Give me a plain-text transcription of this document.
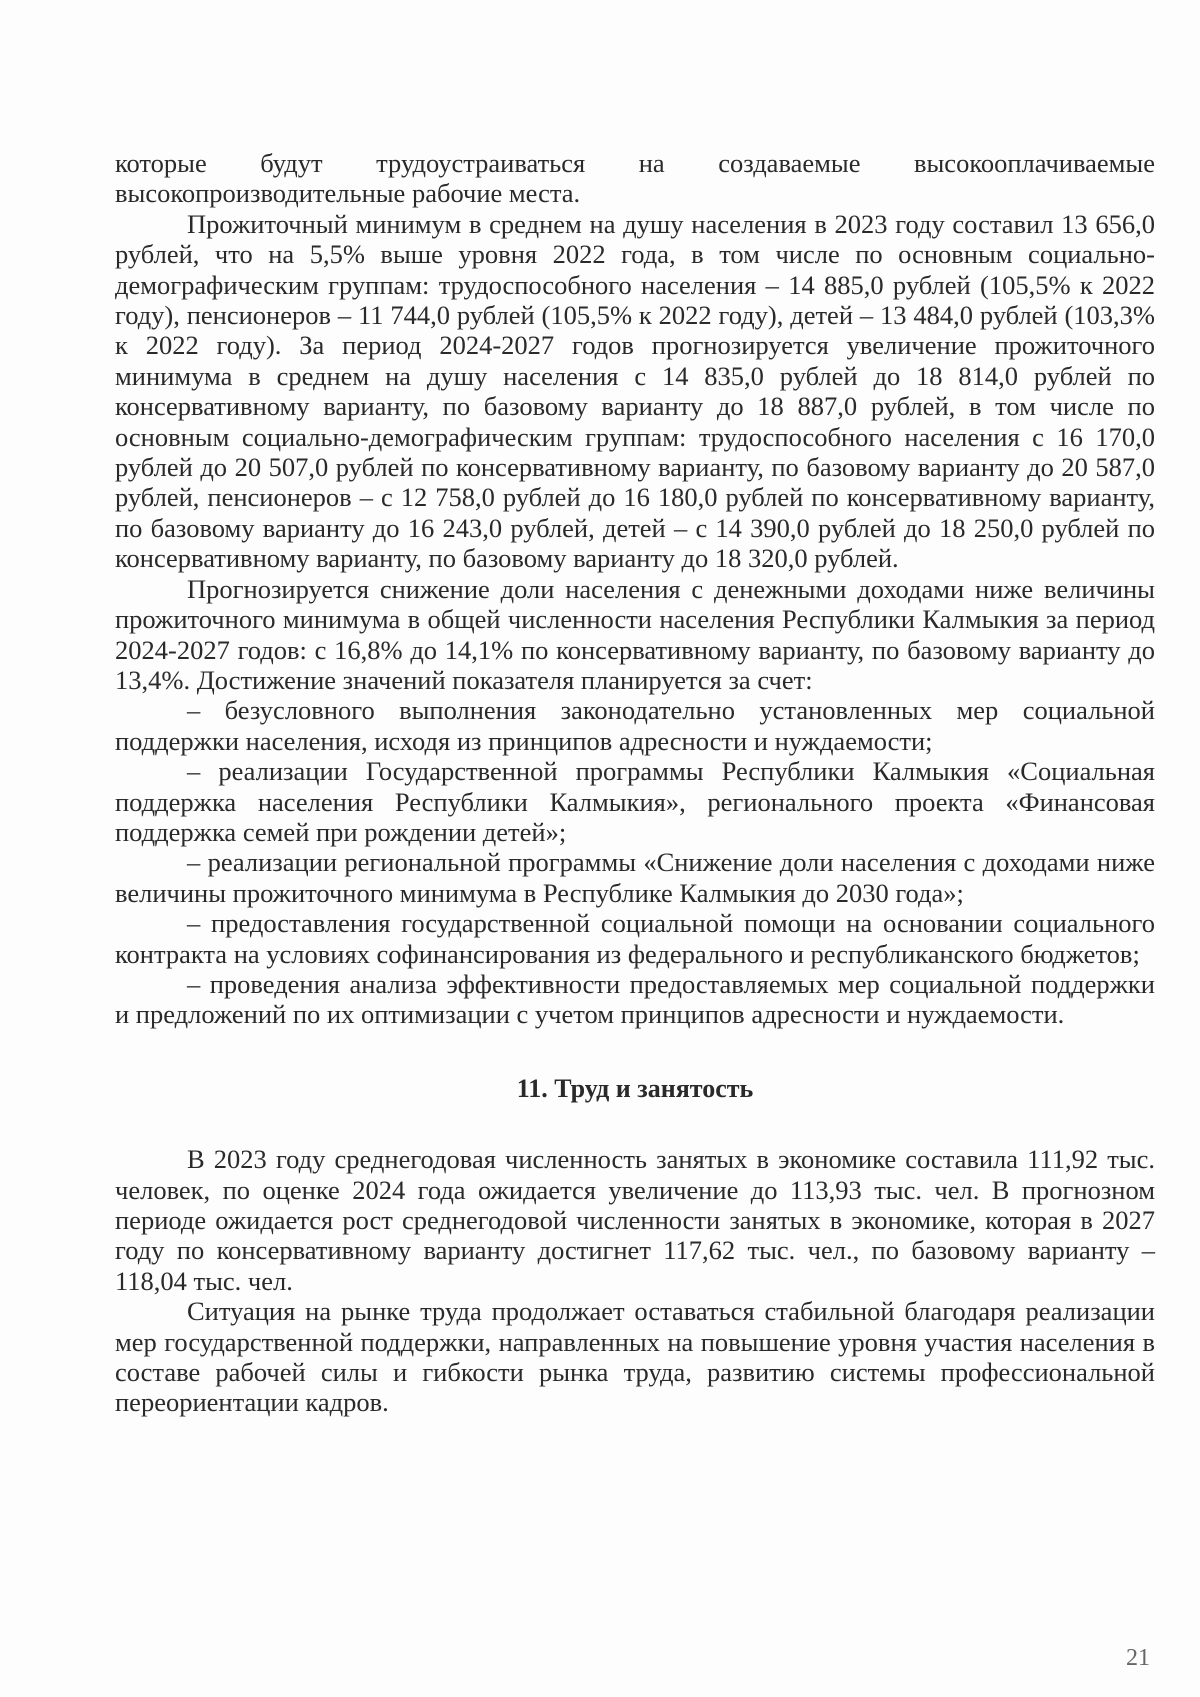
которые будут трудоустраиваться на создаваемые высокооплачиваемые высокопроизводительные рабочие места.

Прожиточный минимум в среднем на душу населения в 2023 году составил 13 656,0 рублей, что на 5,5% выше уровня 2022 года, в том числе по основным социально-демографическим группам: трудоспособного населения – 14 885,0 рублей (105,5% к 2022 году), пенсионеров – 11 744,0 рублей (105,5% к 2022 году), детей – 13 484,0 рублей (103,3% к 2022 году). За период 2024-2027 годов прогнозируется увеличение прожиточного минимума в среднем на душу населения с 14 835,0 рублей до 18 814,0 рублей по консервативному варианту, по базовому варианту до 18 887,0 рублей, в том числе по основным социально-демографическим группам: трудоспособного населения с 16 170,0 рублей до 20 507,0 рублей по консервативному варианту, по базовому варианту до 20 587,0 рублей, пенсионеров – с 12 758,0 рублей до 16 180,0 рублей по консервативному варианту, по базовому варианту до 16 243,0 рублей, детей – с 14 390,0 рублей до 18 250,0 рублей по консервативному варианту, по базовому варианту до 18 320,0 рублей.

Прогнозируется снижение доли населения с денежными доходами ниже величины прожиточного минимума в общей численности населения Республики Калмыкия за период 2024-2027 годов: с 16,8% до 14,1% по консервативному варианту, по базовому варианту до 13,4%. Достижение значений показателя планируется за счет:

– безусловного выполнения законодательно установленных мер социальной поддержки населения, исходя из принципов адресности и нуждаемости;

– реализации Государственной программы Республики Калмыкия «Социальная поддержка населения Республики Калмыкия», регионального проекта «Финансовая поддержка семей при рождении детей»;

– реализации региональной программы «Снижение доли населения с доходами ниже величины прожиточного минимума в Республике Калмыкия до 2030 года»;

– предоставления государственной социальной помощи на основании социального контракта на условиях софинансирования из федерального и республиканского бюджетов;

– проведения анализа эффективности предоставляемых мер социальной поддержки и предложений по их оптимизации с учетом принципов адресности и нуждаемости.

11. Труд и занятость

В 2023 году среднегодовая численность занятых в экономике составила 111,92 тыс. человек, по оценке 2024 года ожидается увеличение до 113,93 тыс. чел. В прогнозном периоде ожидается рост среднегодовой численности занятых в экономике, которая в 2027 году по консервативному варианту достигнет 117,62 тыс. чел., по базовому варианту – 118,04 тыс. чел.

Ситуация на рынке труда продолжает оставаться стабильной благодаря реализации мер государственной поддержки, направленных на повышение уровня участия населения в составе рабочей силы и гибкости рынка труда, развитию системы профессиональной переориентации кадров.

21
